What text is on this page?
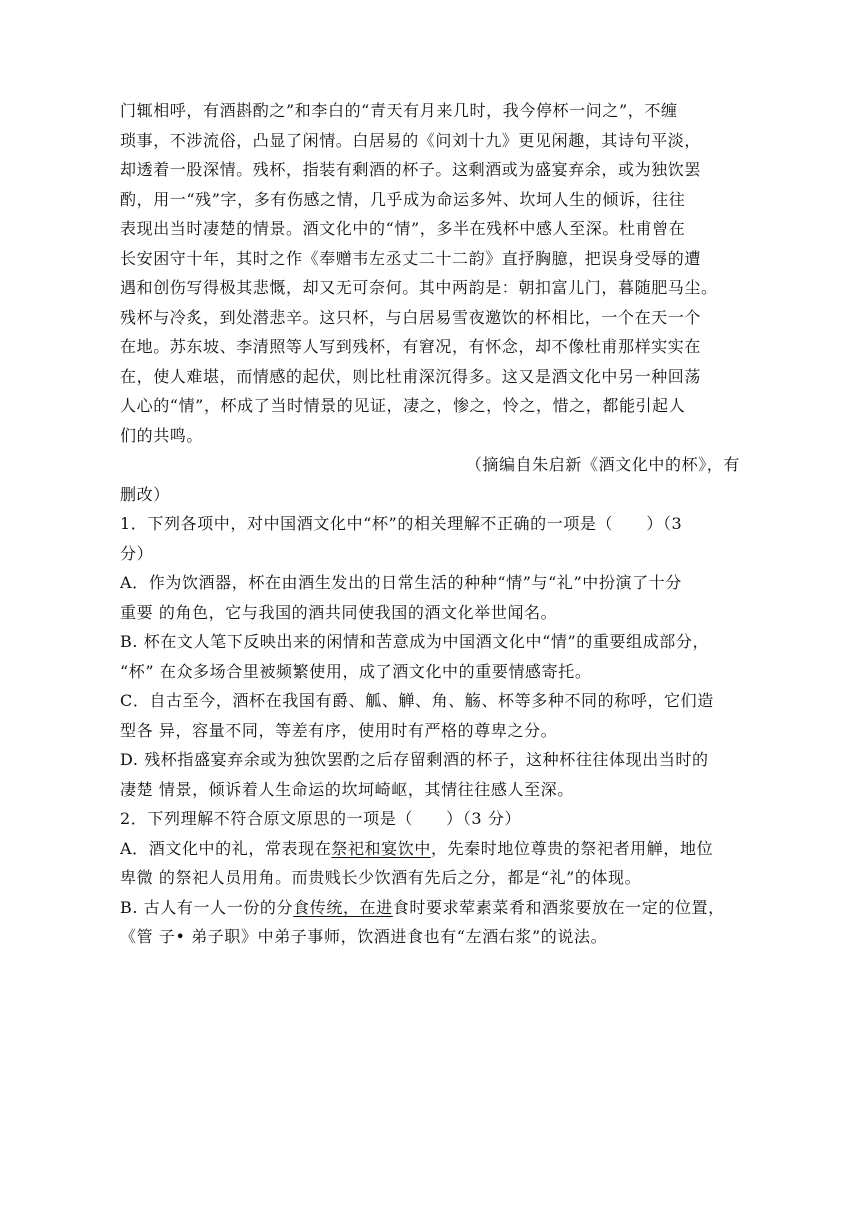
门辄相呼，有酒斟酌之”和李白的“青天有月来几时，我今停杯一问之”，不缠
琐事，不涉流俗，凸显了闲情。白居易的《问刘十九》更见闲趣，其诗句平淡，
却透着一股深情。残杯，指装有剩酒的杯子。这剩酒或为盛宴弃余，或为独饮罢
酌，用一“残”字，多有伤感之情，几乎成为命运多舛、坎坷人生的倾诉，往往
表现出当时凄楚的情景。酒文化中的“情”，多半在残杯中感人至深。杜甫曾在
长安困守十年，其时之作《奉赠韦左丞丈二十二韵》直抒胸臆，把误身受辱的遭
遇和创伤写得极其悲慨，却又无可奈何。其中两韵是：朝扣富儿门，暮随肥马尘。
残杯与冷炙，到处潜悲辛。这只杯，与白居易雪夜邀饮的杯相比，一个在天一个
在地。苏东坡、李清照等人写到残杯，有窘况，有怀念，却不像杜甫那样实实在
在，使人难堪，而情感的起伏，则比杜甫深沉得多。这又是酒文化中另一种回荡
人心的“情”，杯成了当时情景的见证，凄之，惨之，怜之，惜之，都能引起人
们的共鸣。
（摘编自朱启新《酒文化中的杯》，有
删改）

1．下列各项中，对中国酒文化中“杯”的相关理解不正确的一项是（　　）（3
分）
A．作为饮酒器，杯在由酒生发出的日常生活的种种“情”与“礼”中扮演了十分
重要 的角色，它与我国的酒共同使我国的酒文化举世闻名。
B. 杯在文人笔下反映出来的闲情和苦意成为中国酒文化中“情”的重要组成部分，
“杯” 在众多场合里被频繁使用，成了酒文化中的重要情感寄托。
C．自古至今，酒杯在我国有爵、觚、觯、角、觞、杯等多种不同的称呼，它们造
型各 异，容量不同，等差有序，使用时有严格的尊卑之分。
D. 残杯指盛宴弃余或为独饮罢酌之后存留剩酒的杯子，这种杯往往体现出当时的
凄楚 情景，倾诉着人生命运的坎坷崎岖，其情往往感人至深。

2．下列理解不符合原文原思的一项是（　　）（3 分）
A．酒文化中的礼，常表现在祭祀和宴饮中，先秦时地位尊贵的祭祀者用觯，地位
卑微 的祭祀人员用角。而贵贱长少饮酒有先后之分，都是“礼”的体现。
B. 古人有一人一份的分食传统，在进食时要求荤素菜肴和酒浆要放在一定的位置，
《管 子• 弟子职》中弟子事师，饮酒进食也有“左酒右浆”的说法。
